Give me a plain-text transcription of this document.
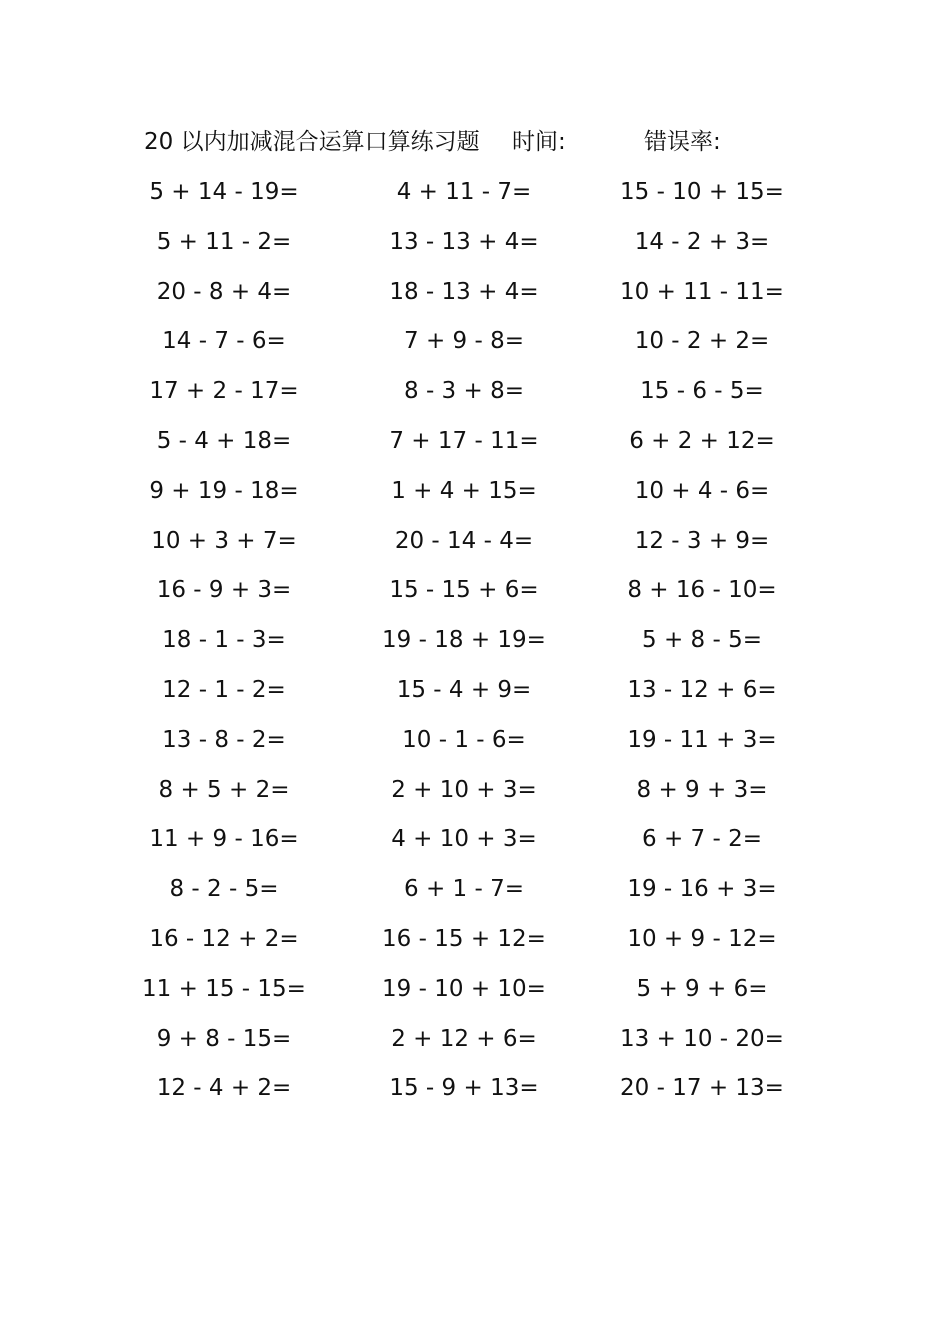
20 以内加减混合运算口算练习题 时间:	错误率:
5 + 14 - 19=	4 + 11 - 7=	15 - 10 + 15=
5 + 11 - 2=	13 - 13 + 4=	14 - 2 + 3=
20 - 8 + 4=	18 - 13 + 4=	10 + 11 - 11=
14 - 7 - 6=	7 + 9 - 8=	10 - 2 + 2=
17 + 2 - 17=	8 - 3 + 8=	15 - 6 - 5=
5 - 4 + 18=	7 + 17 - 11=	6 + 2 + 12=
9 + 19 - 18=	1 + 4 + 15=	10 + 4 - 6=
10 + 3 + 7=	20 - 14 - 4=	12 - 3 + 9=
16 - 9 + 3=	15 - 15 + 6=	8 + 16 - 10=
18 - 1 - 3=	19 - 18 + 19=	5 + 8 - 5=
12 - 1 - 2=	15 - 4 + 9=	13 - 12 + 6=
13 - 8 - 2=	10 - 1 - 6=	19 - 11 + 3=
8 + 5 + 2=	2 + 10 + 3=	8 + 9 + 3=
11 + 9 - 16=	4 + 10 + 3=	6 + 7 - 2=
8 - 2 - 5=	6 + 1 - 7=	19 - 16 + 3=
16 - 12 + 2=	16 - 15 + 12=	10 + 9 - 12=
11 + 15 - 15=	19 - 10 + 10=	5 + 9 + 6=
9 + 8 - 15=	2 + 12 + 6=	13 + 10 - 20=
12 - 4 + 2=	15 - 9 + 13=	20 - 17 + 13=
